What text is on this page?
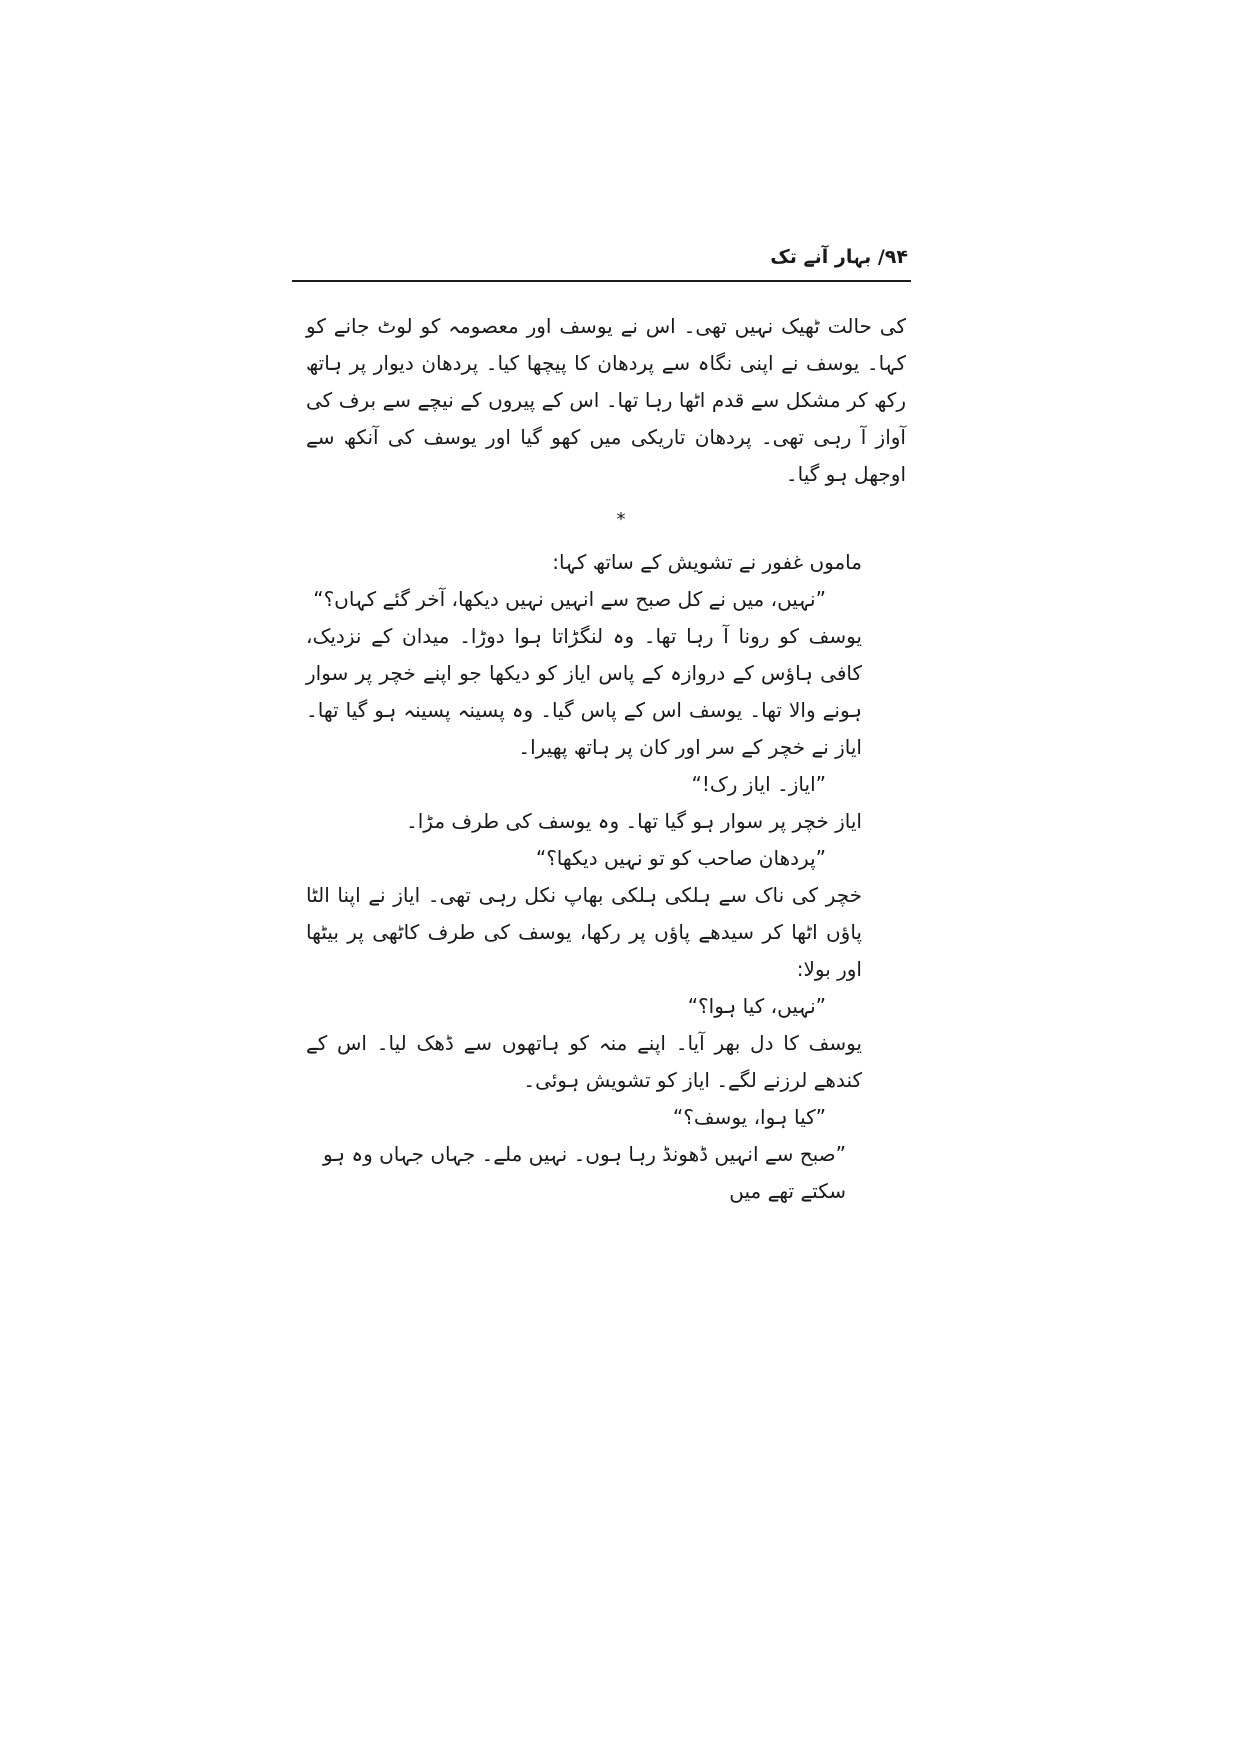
۹۴/ بہار آنے تک

کی حالت ٹھیک نہیں تھی۔ اس نے یوسف اور معصومہ کو لوٹ جانے کو کہا۔ یوسف نے اپنی نگاہ سے پردھان کا پیچھا کیا۔ پردھان دیوار پر ہاتھ رکھ کر مشکل سے قدم اٹھا رہا تھا۔ اس کے پیروں کے نیچے سے برف کی آواز آ رہی تھی۔ پردھان تاریکی میں کھو گیا اور یوسف کی آنکھ سے اوجھل ہو گیا۔

*

ماموں غفور نے تشویش کے ساتھ کہا:

”نہیں، میں نے کل صبح سے انہیں نہیں دیکھا، آخر گئے کہاں؟“

یوسف کو رونا آ رہا تھا۔ وہ لنگڑاتا ہوا دوڑا۔ میدان کے نزدیک، کافی ہاؤس کے دروازہ کے پاس ایاز کو دیکھا جو اپنے خچر پر سوار ہونے والا تھا۔ یوسف اس کے پاس گیا۔ وہ پسینہ پسینہ ہو گیا تھا۔ ایاز نے خچر کے سر اور کان پر ہاتھ پھیرا۔

”ایاز۔ ایاز رک!“

ایاز خچر پر سوار ہو گیا تھا۔ وہ یوسف کی طرف مڑا۔

”پردھان صاحب کو تو نہیں دیکھا؟“

خچر کی ناک سے ہلکی ہلکی بھاپ نکل رہی تھی۔ ایاز نے اپنا الٹا پاؤں اٹھا کر سیدھے پاؤں پر رکھا، یوسف کی طرف کاٹھی پر بیٹھا اور بولا:

”نہیں، کیا ہوا؟“

یوسف کا دل بھر آیا۔ اپنے منہ کو ہاتھوں سے ڈھک لیا۔ اس کے کندھے لرزنے لگے۔ ایاز کو تشویش ہوئی۔

”کیا ہوا، یوسف؟“

”صبح سے انہیں ڈھونڈ رہا ہوں۔ نہیں ملے۔ جہاں جہاں وہ ہو سکتے تھے میں
